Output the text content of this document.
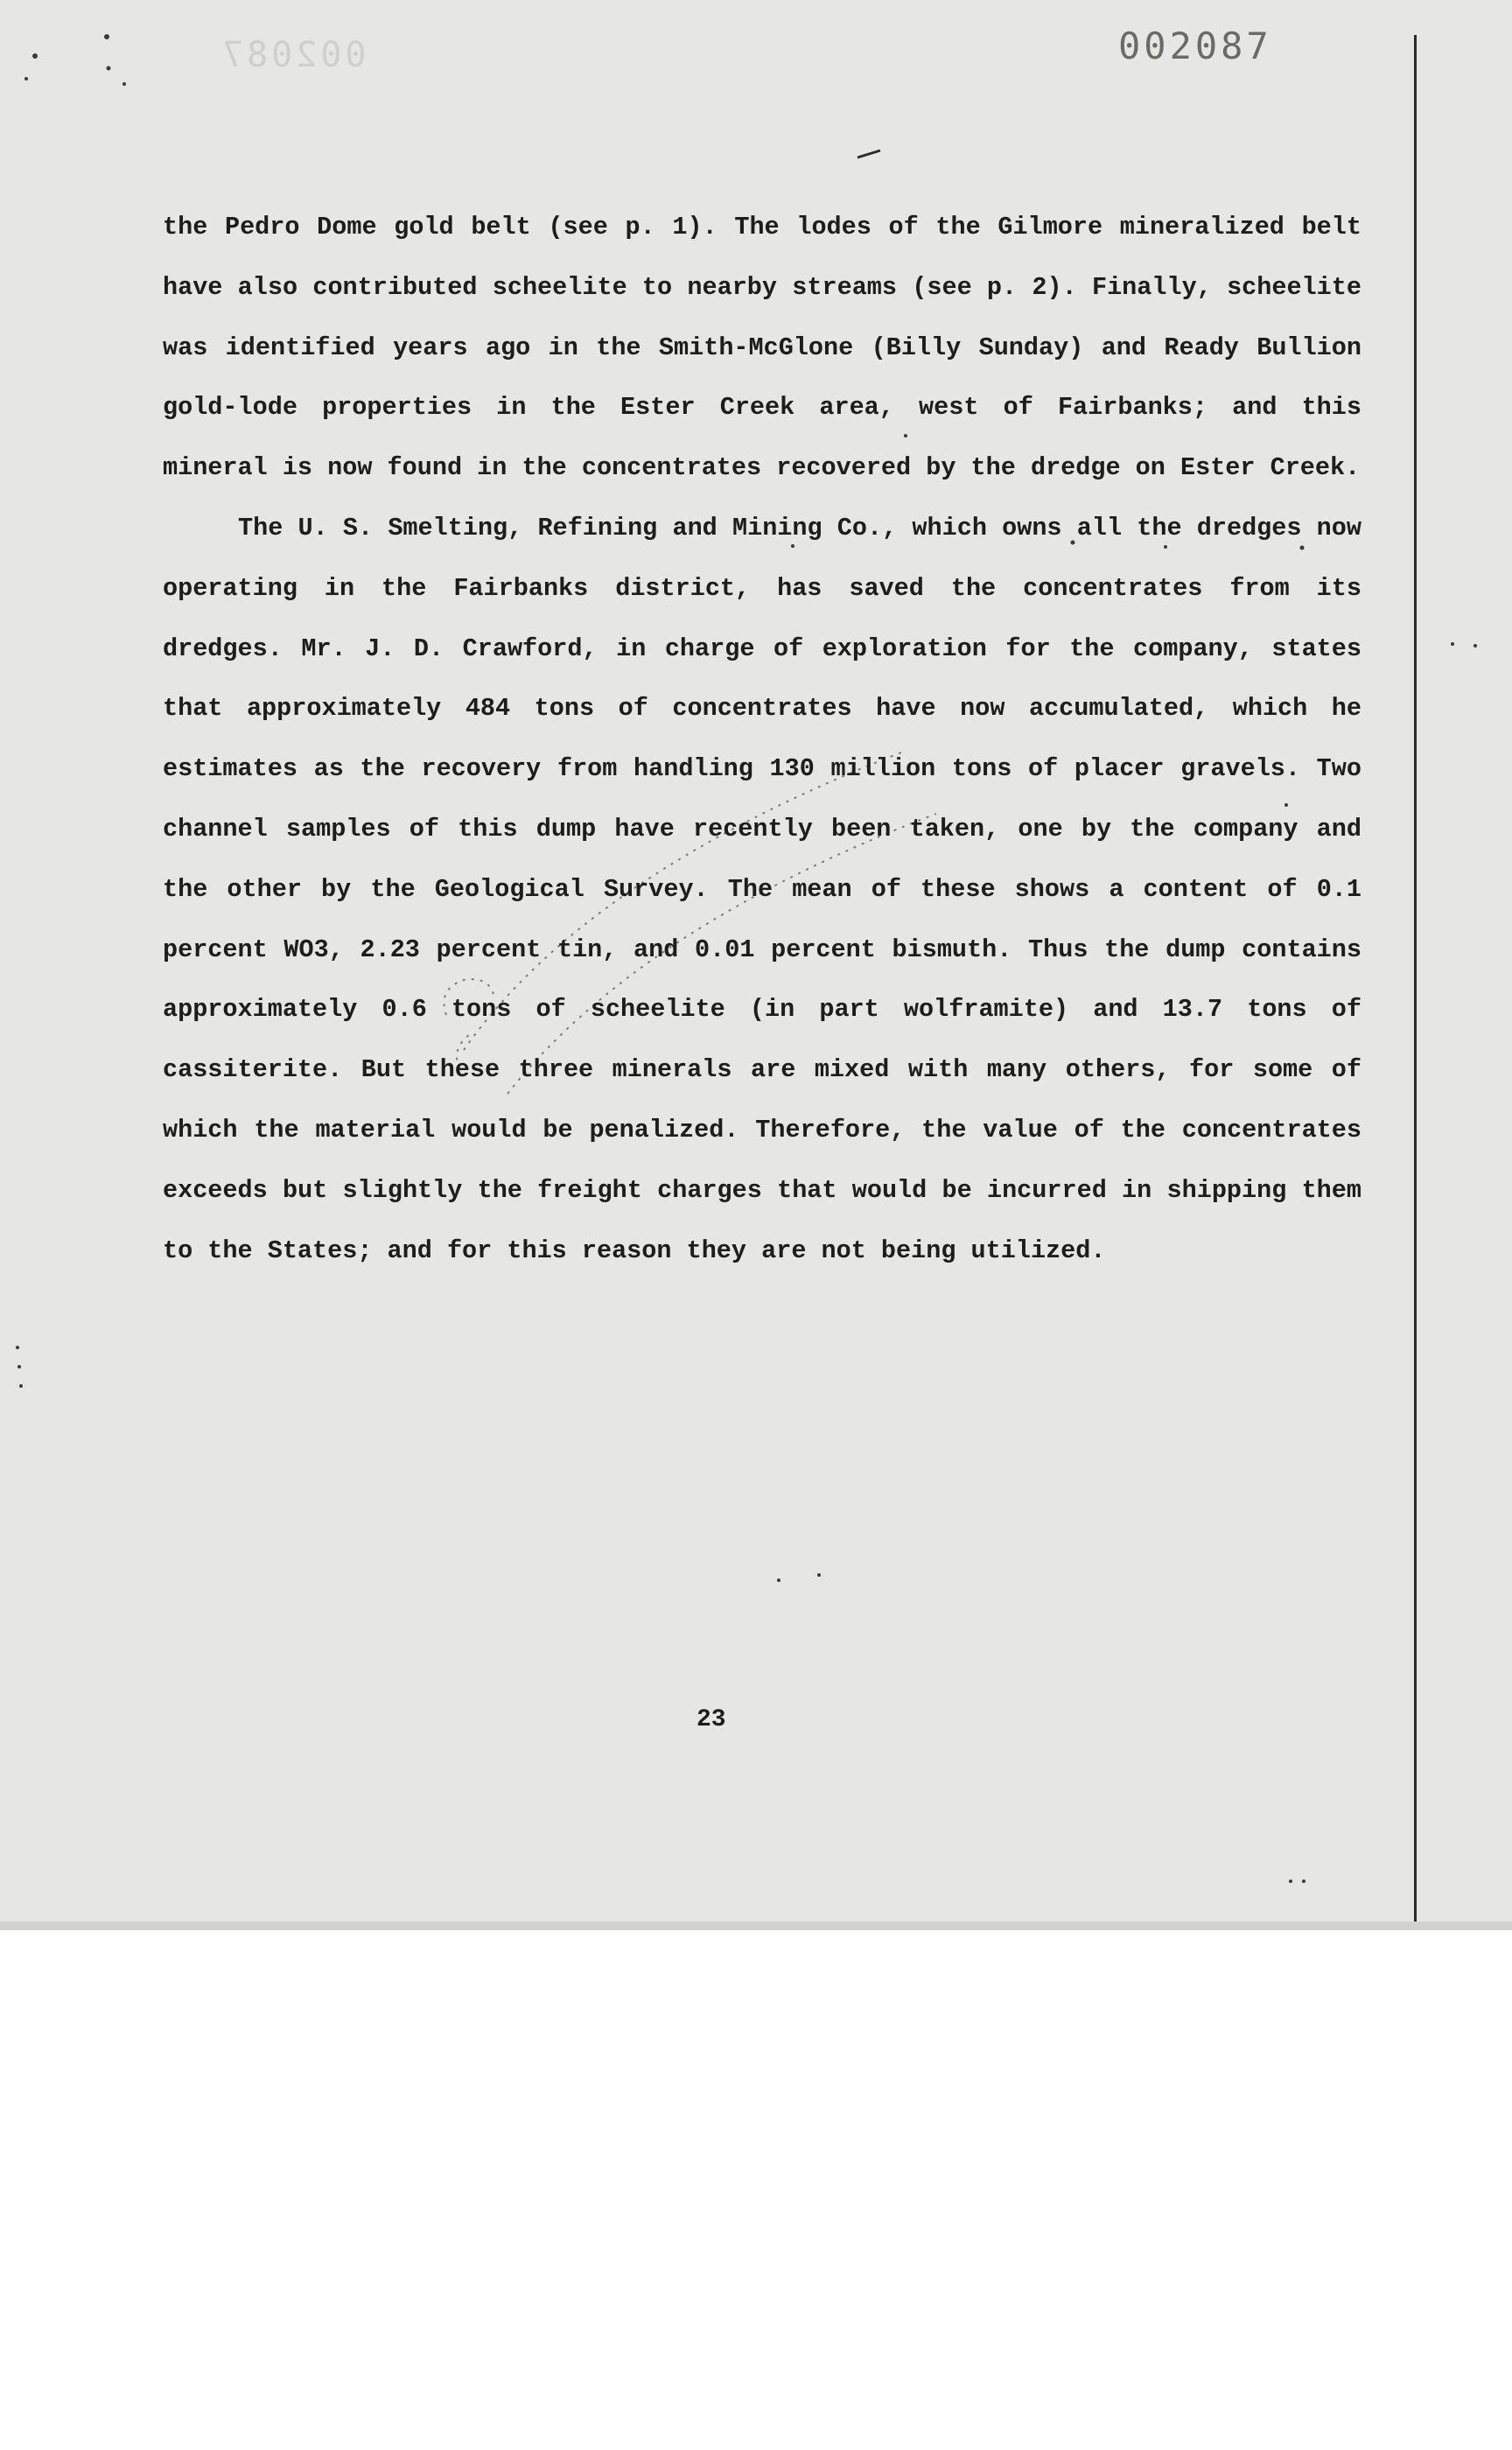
002087	002087

the Pedro Dome gold belt (see p. 1). The lodes of the Gilmore mineralized belt have also contributed scheelite to nearby streams (see p. 2). Finally, scheelite was identified years ago in the Smith-McGlone (Billy Sunday) and Ready Bullion gold-lode properties in the Ester Creek area, west of Fairbanks; and this mineral is now found in the concentrates recovered by the dredge on Ester Creek.

The U. S. Smelting, Refining and Mining Co., which owns all the dredges now operating in the Fairbanks district, has saved the concentrates from its dredges. Mr. J. D. Crawford, in charge of exploration for the company, states that approximately 484 tons of concentrates have now accumulated, which he estimates as the recovery from handling 130 million tons of placer gravels. Two channel samples of this dump have recently been taken, one by the company and the other by the Geological Survey. The mean of these shows a content of 0.1 percent WO3, 2.23 percent tin, and 0.01 percent bismuth. Thus the dump contains approximately 0.6 tons of scheelite (in part wolframite) and 13.7 tons of cassiterite. But these three minerals are mixed with many others, for some of which the material would be penalized. Therefore, the value of the concentrates exceeds but slightly the freight charges that would be incurred in shipping them to the States; and for this reason they are not being utilized.

23
